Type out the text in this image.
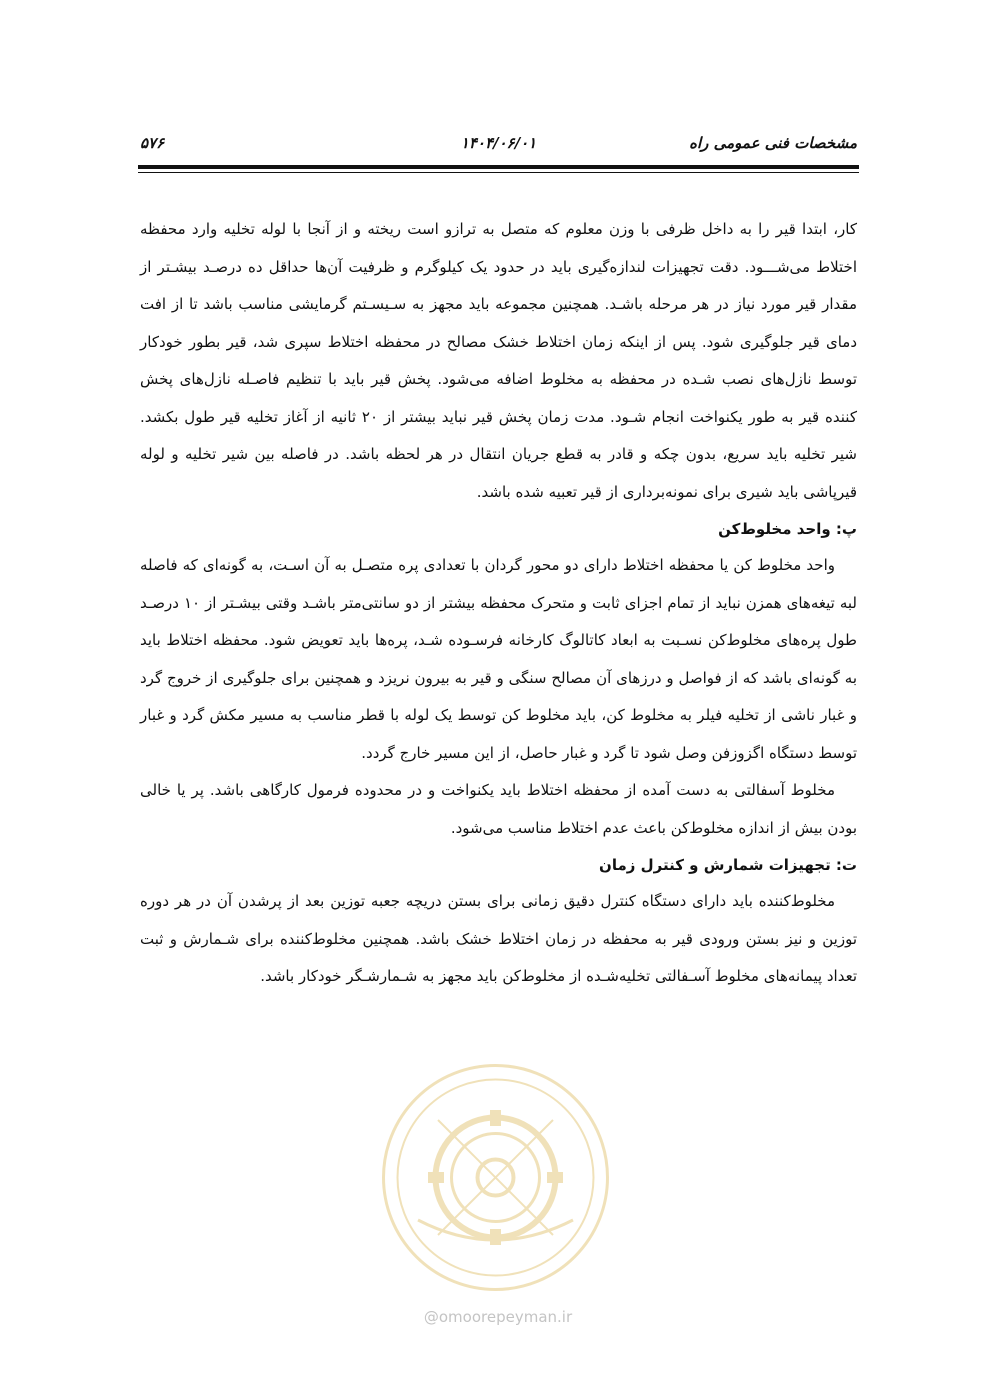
مشخصات فنی عمومی راه
۱۴۰۴/۰۶/۰۱
۵۷۶

کار، ابتدا قیر را به داخل ظرفی با وزن معلوم که متصل به ترازو است ریخته و از آنجا با لوله تخلیه وارد محفظه اختلاط می‌شـــود. دقت تجهیزات لندازه‌گیری باید در حدود یک کیلوگرم و ظرفیت آن‌ها حداقل ده درصـد بیشـتر از مقدار قیر مورد نیاز در هر مرحله باشـد. همچنین مجموعه باید مجهز به سـیسـتم گرمایشی مناسب باشد تا از افت دمای قیر جلوگیری شود. پس از اینکه زمان اختلاط خشک مصالح در محفظه اختلاط سپری شد، قیر بطور خودکار توسط نازل‌های نصب شـده در محفظه به مخلوط اضافه می‌شود. پخش قیر باید با تنظیم فاصـله نازل‌های پخش کننده قیر به طور یکنواخت انجام شـود. مدت زمان پخش قیر نباید بیشتر از ۲۰ ثانیه از آغاز تخلیه قیر طول بکشد. شیر تخلیه باید سریع، بدون چکه و قادر به قطع جریان انتقال در هر لحظه باشد. در فاصله بین شیر تخلیه و لوله قیرپاشی باید شیری برای نمونه‌برداری از قیر تعبیه شده باشد.

پ: واحد مخلوط‌کن

واحد مخلوط کن یا محفظه اختلاط دارای دو محور گردان با تعدادی پره متصـل به آن اسـت، به گونه‌ای که فاصله لبه تیغه‌های همزن نباید از تمام اجزای ثابت و متحرک محفظه بیشتر از دو سانتی‌متر باشـد وقتی بیشـتر از ۱۰ درصـد طول پره‌های مخلوط‌کن نسـبت به ابعاد کاتالوگ کارخانه فرسـوده شـد، پره‌ها باید تعویض شود. محفظه اختلاط باید به گونه‌ای باشد که از فواصل و درزهای آن مصالح سنگی و قیر به بیرون نریزد و همچنین برای جلوگیری از خروج گرد و غبار ناشی از تخلیه فیلر به مخلوط کن، باید مخلوط کن توسط یک لوله با قطر مناسب به مسیر مکش گرد و غبار توسط دستگاه اگزوزفن وصل شود تا گرد و غبار حاصل، از این مسیر خارج گردد.

مخلوط آسفالتی به دست آمده از محفظه اختلاط باید یکنواخت و در محدوده فرمول کارگاهی باشد. پر یا خالی بودن بیش از اندازه مخلوط‌کن باعث عدم اختلاط مناسب می‌شود.

ت: تجهیزات شمارش و کنترل زمان

مخلوط‌کننده باید دارای دستگاه کنترل دقیق زمانی برای بستن دریچه جعبه توزین بعد از پرشدن آن در هر دوره توزین و نیز بستن ورودی قیر به محفظه در زمان اختلاط خشک باشد. همچنین مخلوط‌کننده برای شـمارش و ثبت تعداد پیمانه‌های مخلوط آسـفالتی تخلیه‌شـده از مخلوط‌کن باید مجهز به شـمارشـگر خودکار باشد.

@omoorepeyman.ir
